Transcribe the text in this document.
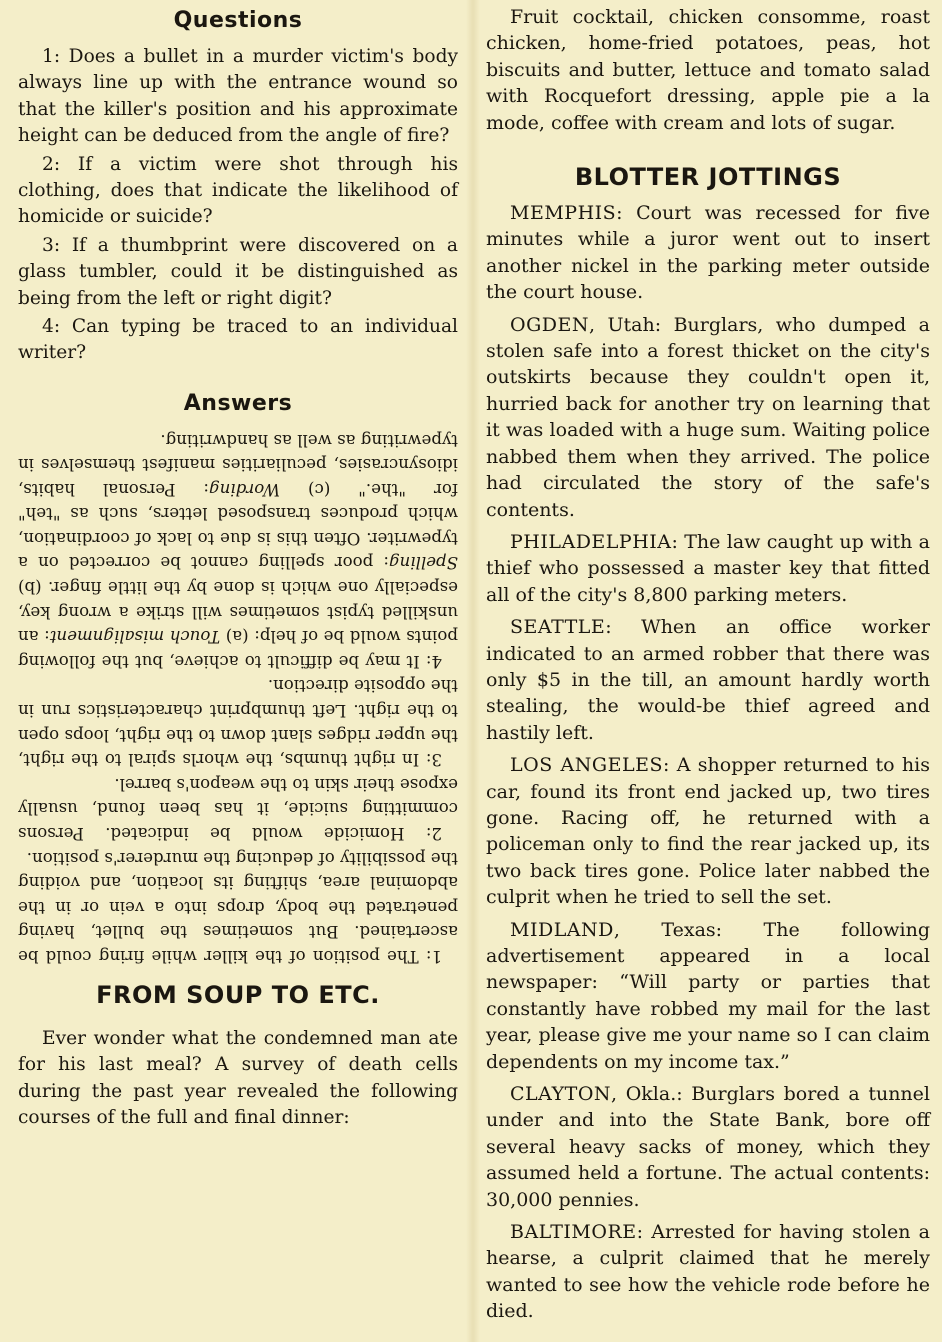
Questions

1: Does a bullet in a murder victim's body always line up with the entrance wound so that the killer's position and his approximate height can be deduced from the angle of fire?

2: If a victim were shot through his clothing, does that indicate the likelihood of homicide or suicide?

3: If a thumbprint were discovered on a glass tumbler, could it be distinguished as being from the left or right digit?

4: Can typing be traced to an individual writer?

Answers

1: The position of the killer while firing could be ascertained. But sometimes the bullet, having penetrated the body, drops into a vein or in the abdominal area, shifting its location, and voiding the possibility of deducing the murderer's position.

2: Homicide would be indicated. Persons committing suicide, it has been found, usually expose their skin to the weapon's barrel.

3: In right thumbs, the whorls spiral to the right, the upper ridges slant down to the right, loops open to the right. Left thumbprint characteristics run in the opposite direction.

4: It may be difficult to achieve, but the following points would be of help: (a) Touch misalignment: an unskilled typist sometimes will strike a wrong key, especially one which is done by the little finger. (b) Spelling: poor spelling cannot be corrected on a typewriter. Often this is due to lack of coordination, which produces transposed letters, such as "teh" for "the." (c) Wording: Personal habits, idiosyncrasies, peculiarities manifest themselves in typewriting as well as handwriting.

FROM SOUP TO ETC.

Ever wonder what the condemned man ate for his last meal? A survey of death cells during the past year revealed the following courses of the full and final dinner:

Fruit cocktail, chicken consomme, roast chicken, home-fried potatoes, peas, hot biscuits and butter, lettuce and tomato salad with Rocquefort dressing, apple pie a la mode, coffee with cream and lots of sugar.

BLOTTER JOTTINGS

MEMPHIS: Court was recessed for five minutes while a juror went out to insert another nickel in the parking meter outside the court house.

OGDEN, Utah: Burglars, who dumped a stolen safe into a forest thicket on the city's outskirts because they couldn't open it, hurried back for another try on learning that it was loaded with a huge sum. Waiting police nabbed them when they arrived. The police had circulated the story of the safe's contents.

PHILADELPHIA: The law caught up with a thief who possessed a master key that fitted all of the city's 8,800 parking meters.

SEATTLE: When an office worker indicated to an armed robber that there was only $5 in the till, an amount hardly worth stealing, the would-be thief agreed and hastily left.

LOS ANGELES: A shopper returned to his car, found its front end jacked up, two tires gone. Racing off, he returned with a policeman only to find the rear jacked up, its two back tires gone. Police later nabbed the culprit when he tried to sell the set.

MIDLAND, Texas: The following advertisement appeared in a local newspaper: “Will party or parties that constantly have robbed my mail for the last year, please give me your name so I can claim dependents on my income tax.”

CLAYTON, Okla.: Burglars bored a tunnel under and into the State Bank, bore off several heavy sacks of money, which they assumed held a fortune. The actual contents: 30,000 pennies.

BALTIMORE: Arrested for having stolen a hearse, a culprit claimed that he merely wanted to see how the vehicle rode before he died.
